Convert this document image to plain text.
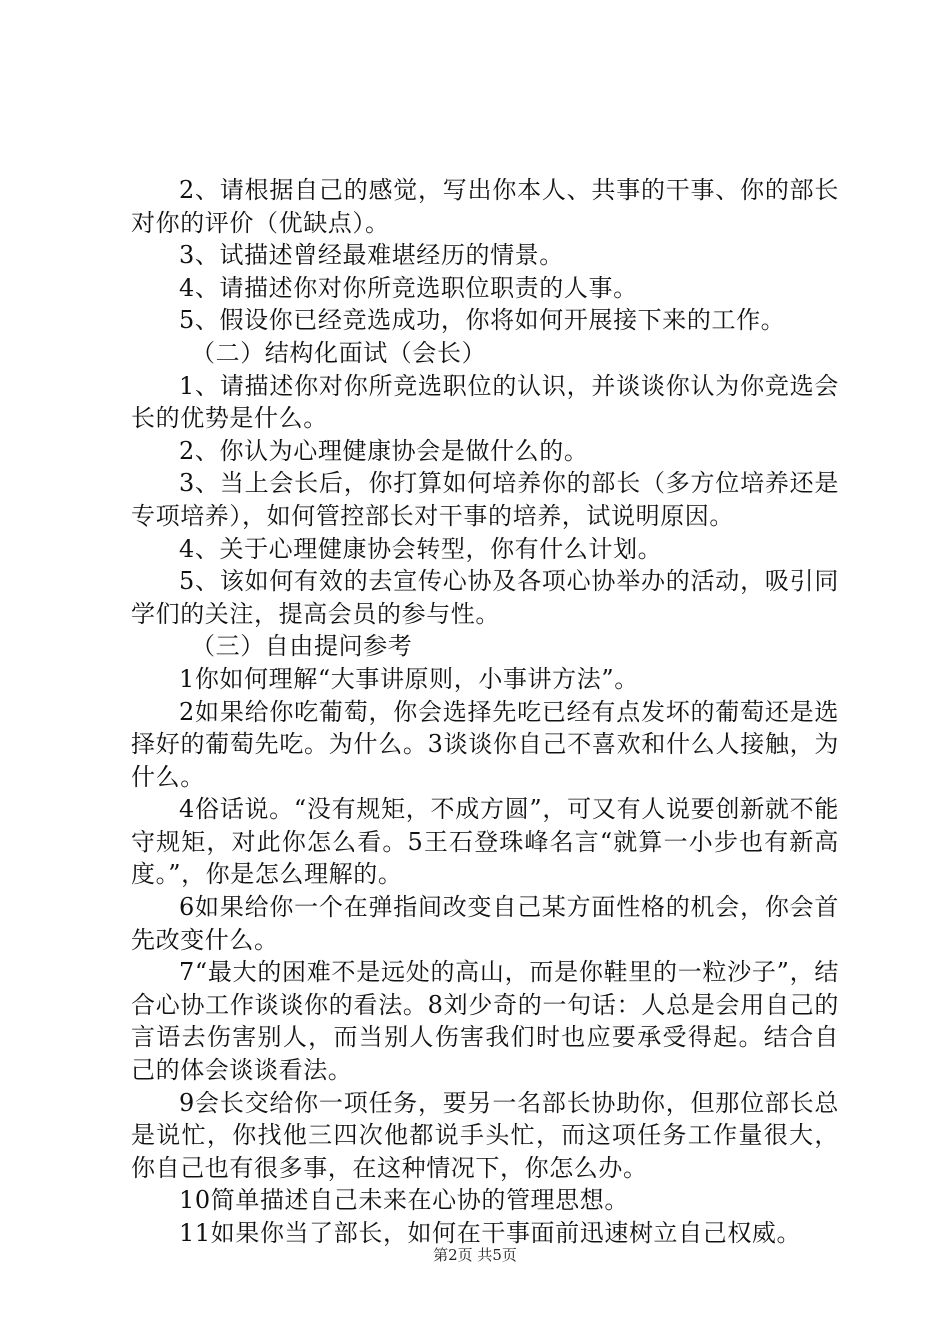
2、请根据自己的感觉，写出你本人、共事的干事、你的部长对你的评价（优缺点）。

3、试描述曾经最难堪经历的情景。

4、请描述你对你所竞选职位职责的人事。

5、假设你已经竞选成功，你将如何开展接下来的工作。

（二）结构化面试（会长）

1、请描述你对你所竞选职位的认识，并谈谈你认为你竞选会长的优势是什么。

2、你认为心理健康协会是做什么的。

3、当上会长后，你打算如何培养你的部长（多方位培养还是专项培养），如何管控部长对干事的培养，试说明原因。

4、关于心理健康协会转型，你有什么计划。

5、该如何有效的去宣传心协及各项心协举办的活动，吸引同学们的关注，提高会员的参与性。

（三）自由提问参考

1你如何理解“大事讲原则，小事讲方法”。

2如果给你吃葡萄，你会选择先吃已经有点发坏的葡萄还是选择好的葡萄先吃。为什么。3谈谈你自己不喜欢和什么人接触，为什么。

4俗话说。“没有规矩，不成方圆”，可又有人说要创新就不能守规矩，对此你怎么看。5王石登珠峰名言“就算一小步也有新高度。”，你是怎么理解的。

6如果给你一个在弹指间改变自己某方面性格的机会，你会首先改变什么。

7“最大的困难不是远处的高山，而是你鞋里的一粒沙子”，结合心协工作谈谈你的看法。8刘少奇的一句话：人总是会用自己的言语去伤害别人，而当别人伤害我们时也应要承受得起。结合自己的体会谈谈看法。

9会长交给你一项任务，要另一名部长协助你，但那位部长总是说忙，你找他三四次他都说手头忙，而这项任务工作量很大，你自己也有很多事，在这种情况下，你怎么办。

10简单描述自己未来在心协的管理思想。

11如果你当了部长，如何在干事面前迅速树立自己权威。

第2页 共5页
